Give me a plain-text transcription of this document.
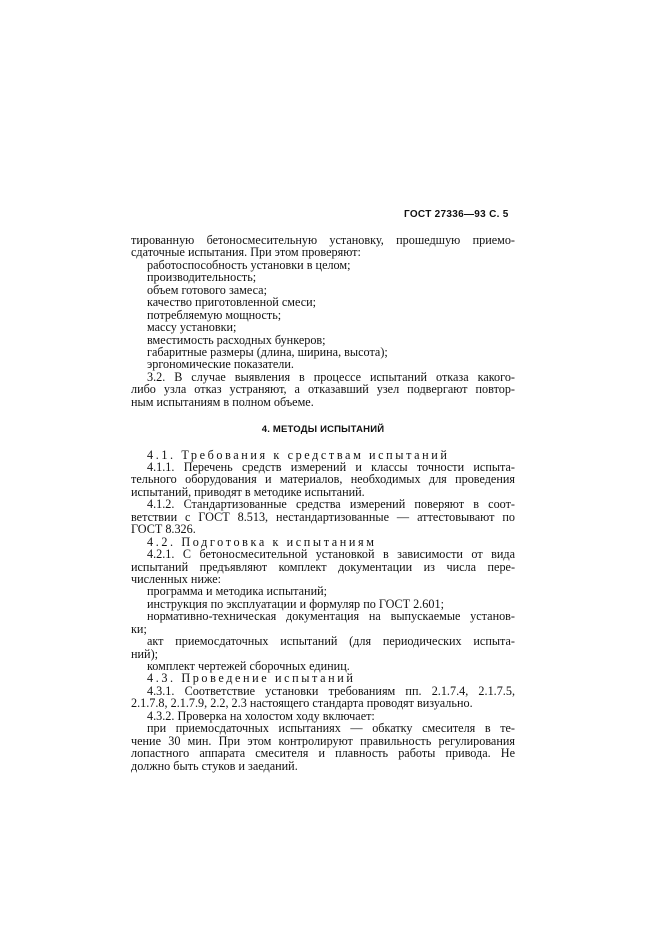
ГОСТ 27336—93 С. 5
тированную бетоносмесительную установку, прошедшую приемо-
сдаточные испытания. При этом проверяют:
работоспособность установки в целом;
производительность;
объем готового замеса;
качество приготовленной смеси;
потребляемую мощность;
массу установки;
вместимость расходных бункеров;
габаритные размеры (длина, ширина, высота);
эргономические показатели.
3.2. В случае выявления в процессе испытаний отказа какого-
либо узла отказ устраняют, а отказавший узел подвергают повтор-
ным испытаниям в полном объеме.
4. МЕТОДЫ ИСПЫТАНИЙ
4.1. Требования к средствам испытаний
4.1.1. Перечень средств измерений и классы точности испыта-
тельного оборудования и материалов, необходимых для проведения
испытаний, приводят в методике испытаний.
4.1.2. Стандартизованные средства измерений поверяют в соот-
ветствии с ГОСТ 8.513, нестандартизованные — аттестовывают по
ГОСТ 8.326.
4.2. Подготовка к испытаниям
4.2.1. С бетоносмесительной установкой в зависимости от вида
испытаний предъявляют комплект документации из числа пере-
численных ниже:
программа и методика испытаний;
инструкция по эксплуатации и формуляр по ГОСТ 2.601;
нормативно-техническая документация на выпускаемые установ-
ки;
акт приемосдаточных испытаний (для периодических испыта-
ний);
комплект чертежей сборочных единиц.
4.3. Проведение испытаний
4.3.1. Соответствие установки требованиям пп. 2.1.7.4, 2.1.7.5,
2.1.7.8, 2.1.7.9, 2.2, 2.3 настоящего стандарта проводят визуально.
4.3.2. Проверка на холостом ходу включает:
при приемосдаточных испытаниях — обкатку смесителя в те-
чение 30 мин. При этом контролируют правильность регулирования
лопастного аппарата смесителя и плавность работы привода. Не
должно быть стуков и заеданий.
